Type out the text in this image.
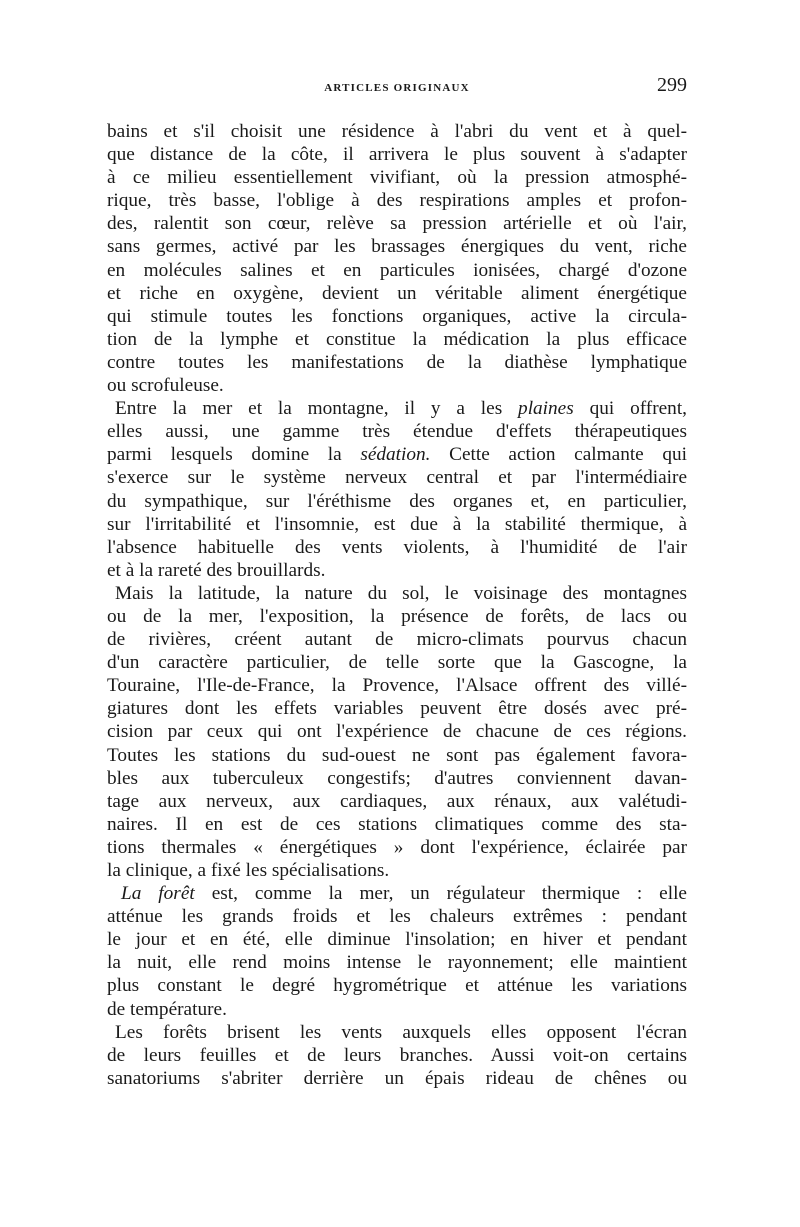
ARTICLES ORIGINAUX	299
bains et s'il choisit une résidence à l'abri du vent et à quel-
que distance de la côte, il arrivera le plus souvent à s'adapter
à ce milieu essentiellement vivifiant, où la pression atmosphé-
rique, très basse, l'oblige à des respirations amples et profon-
des, ralentit son cœur, relève sa pression artérielle et où l'air,
sans germes, activé par les brassages énergiques du vent, riche
en molécules salines et en particules ionisées, chargé d'ozone
et riche en oxygène, devient un véritable aliment énergétique
qui stimule toutes les fonctions organiques, active la circula-
tion de la lymphe et constitue la médication la plus efficace
contre toutes les manifestations de la diathèse lymphatique
ou scrofuleuse.
Entre la mer et la montagne, il y a les plaines qui offrent,
elles aussi, une gamme très étendue d'effets thérapeutiques
parmi lesquels domine la sédation. Cette action calmante qui
s'exerce sur le système nerveux central et par l'intermédiaire
du sympathique, sur l'éréthisme des organes et, en particulier,
sur l'irritabilité et l'insomnie, est due à la stabilité thermique, à
l'absence habituelle des vents violents, à l'humidité de l'air
et à la rareté des brouillards.
Mais la latitude, la nature du sol, le voisinage des montagnes
ou de la mer, l'exposition, la présence de forêts, de lacs ou
de rivières, créent autant de micro-climats pourvus chacun
d'un caractère particulier, de telle sorte que la Gascogne, la
Touraine, l'Ile-de-France, la Provence, l'Alsace offrent des villé-
giatures dont les effets variables peuvent être dosés avec pré-
cision par ceux qui ont l'expérience de chacune de ces régions.
Toutes les stations du sud-ouest ne sont pas également favora-
bles aux tuberculeux congestifs; d'autres conviennent davan-
tage aux nerveux, aux cardiaques, aux rénaux, aux valétudi-
naires. Il en est de ces stations climatiques comme des sta-
tions thermales « énergétiques » dont l'expérience, éclairée par
la clinique, a fixé les spécialisations.
La forêt est, comme la mer, un régulateur thermique : elle
atténue les grands froids et les chaleurs extrêmes : pendant
le jour et en été, elle diminue l'insolation; en hiver et pendant
la nuit, elle rend moins intense le rayonnement; elle maintient
plus constant le degré hygrométrique et atténue les variations
de température.
Les forêts brisent les vents auxquels elles opposent l'écran
de leurs feuilles et de leurs branches. Aussi voit-on certains
sanatoriums s'abriter derrière un épais rideau de chênes ou
